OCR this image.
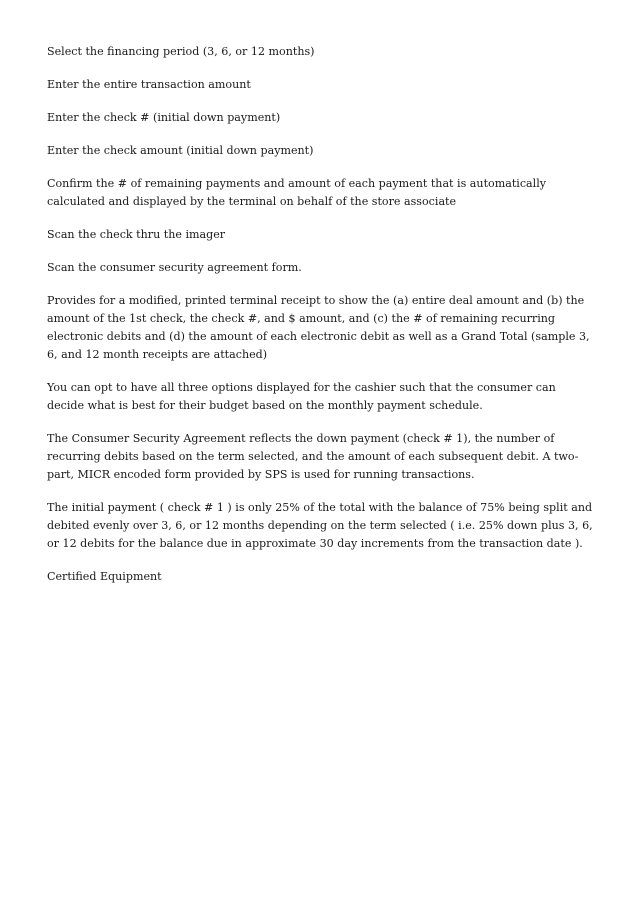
Select the financing period (3, 6, or 12 months)

Enter the entire transaction amount

Enter the check # (initial down payment)

Enter the check amount (initial down payment)

Confirm the # of remaining payments and amount of each payment that is automatically calculated and displayed by the terminal on behalf of the store associate

Scan the check thru the imager

Scan the consumer security agreement form.

Provides for a modified, printed terminal receipt to show the (a) entire deal amount and (b) the amount of the 1st check, the check #, and $ amount, and (c) the # of remaining recurring electronic debits and (d) the amount of each electronic debit as well as a Grand Total (sample 3, 6, and 12 month receipts are attached)

You can opt to have all three options displayed for the cashier such that the consumer can decide what is best for their budget based on the monthly payment schedule.

The Consumer Security Agreement reflects the down payment (check # 1), the number of recurring debits based on the term selected, and the amount of each subsequent debit. A two-part, MICR encoded form provided by SPS is used for running transactions.

The initial payment ( check # 1 ) is only 25% of the total with the balance of 75% being split and debited evenly over 3, 6, or 12 months depending on the term selected ( i.e. 25% down plus 3, 6, or 12 debits for the balance due in approximate 30 day increments from the transaction date ).

Certified Equipment
